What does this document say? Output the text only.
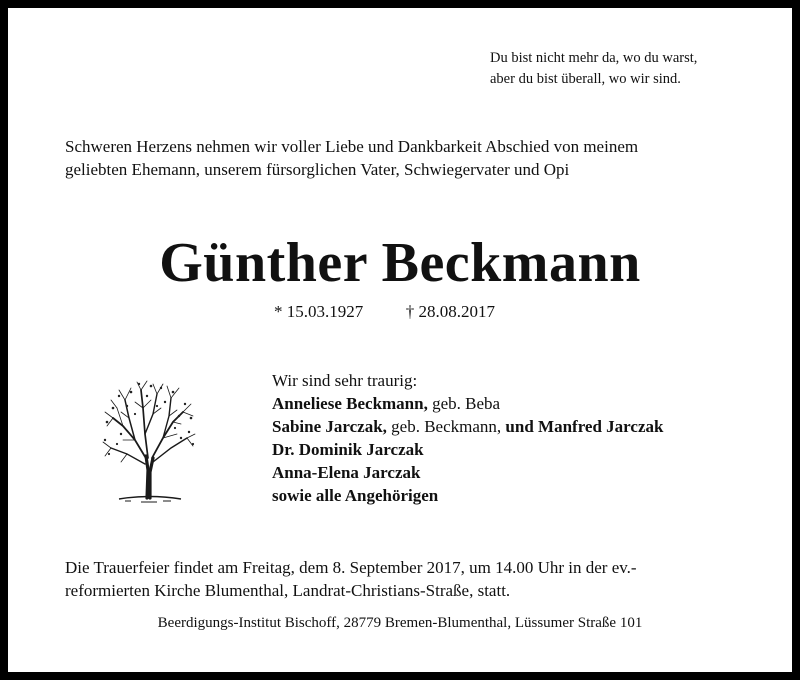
Du bist nicht mehr da, wo du warst,
aber du bist überall, wo wir sind.
Schweren Herzens nehmen wir voller Liebe und Dankbarkeit Abschied von meinem
geliebten Ehemann, unserem fürsorglichen Vater, Schwiegervater und Opi
Günther Beckmann
* 15.03.1927	† 28.08.2017
Wir sind sehr traurig:
Anneliese Beckmann, geb. Beba
Sabine Jarczak, geb. Beckmann, und Manfred Jarczak
Dr. Dominik Jarczak
Anna-Elena Jarczak
sowie alle Angehörigen
Die Trauerfeier findet am Freitag, dem 8. September 2017, um 14.00 Uhr in der ev.-
reformierten Kirche Blumenthal, Landrat-Christians-Straße, statt.
Beerdigungs-Institut Bischoff, 28779 Bremen-Blumenthal, Lüssumer Straße 101
